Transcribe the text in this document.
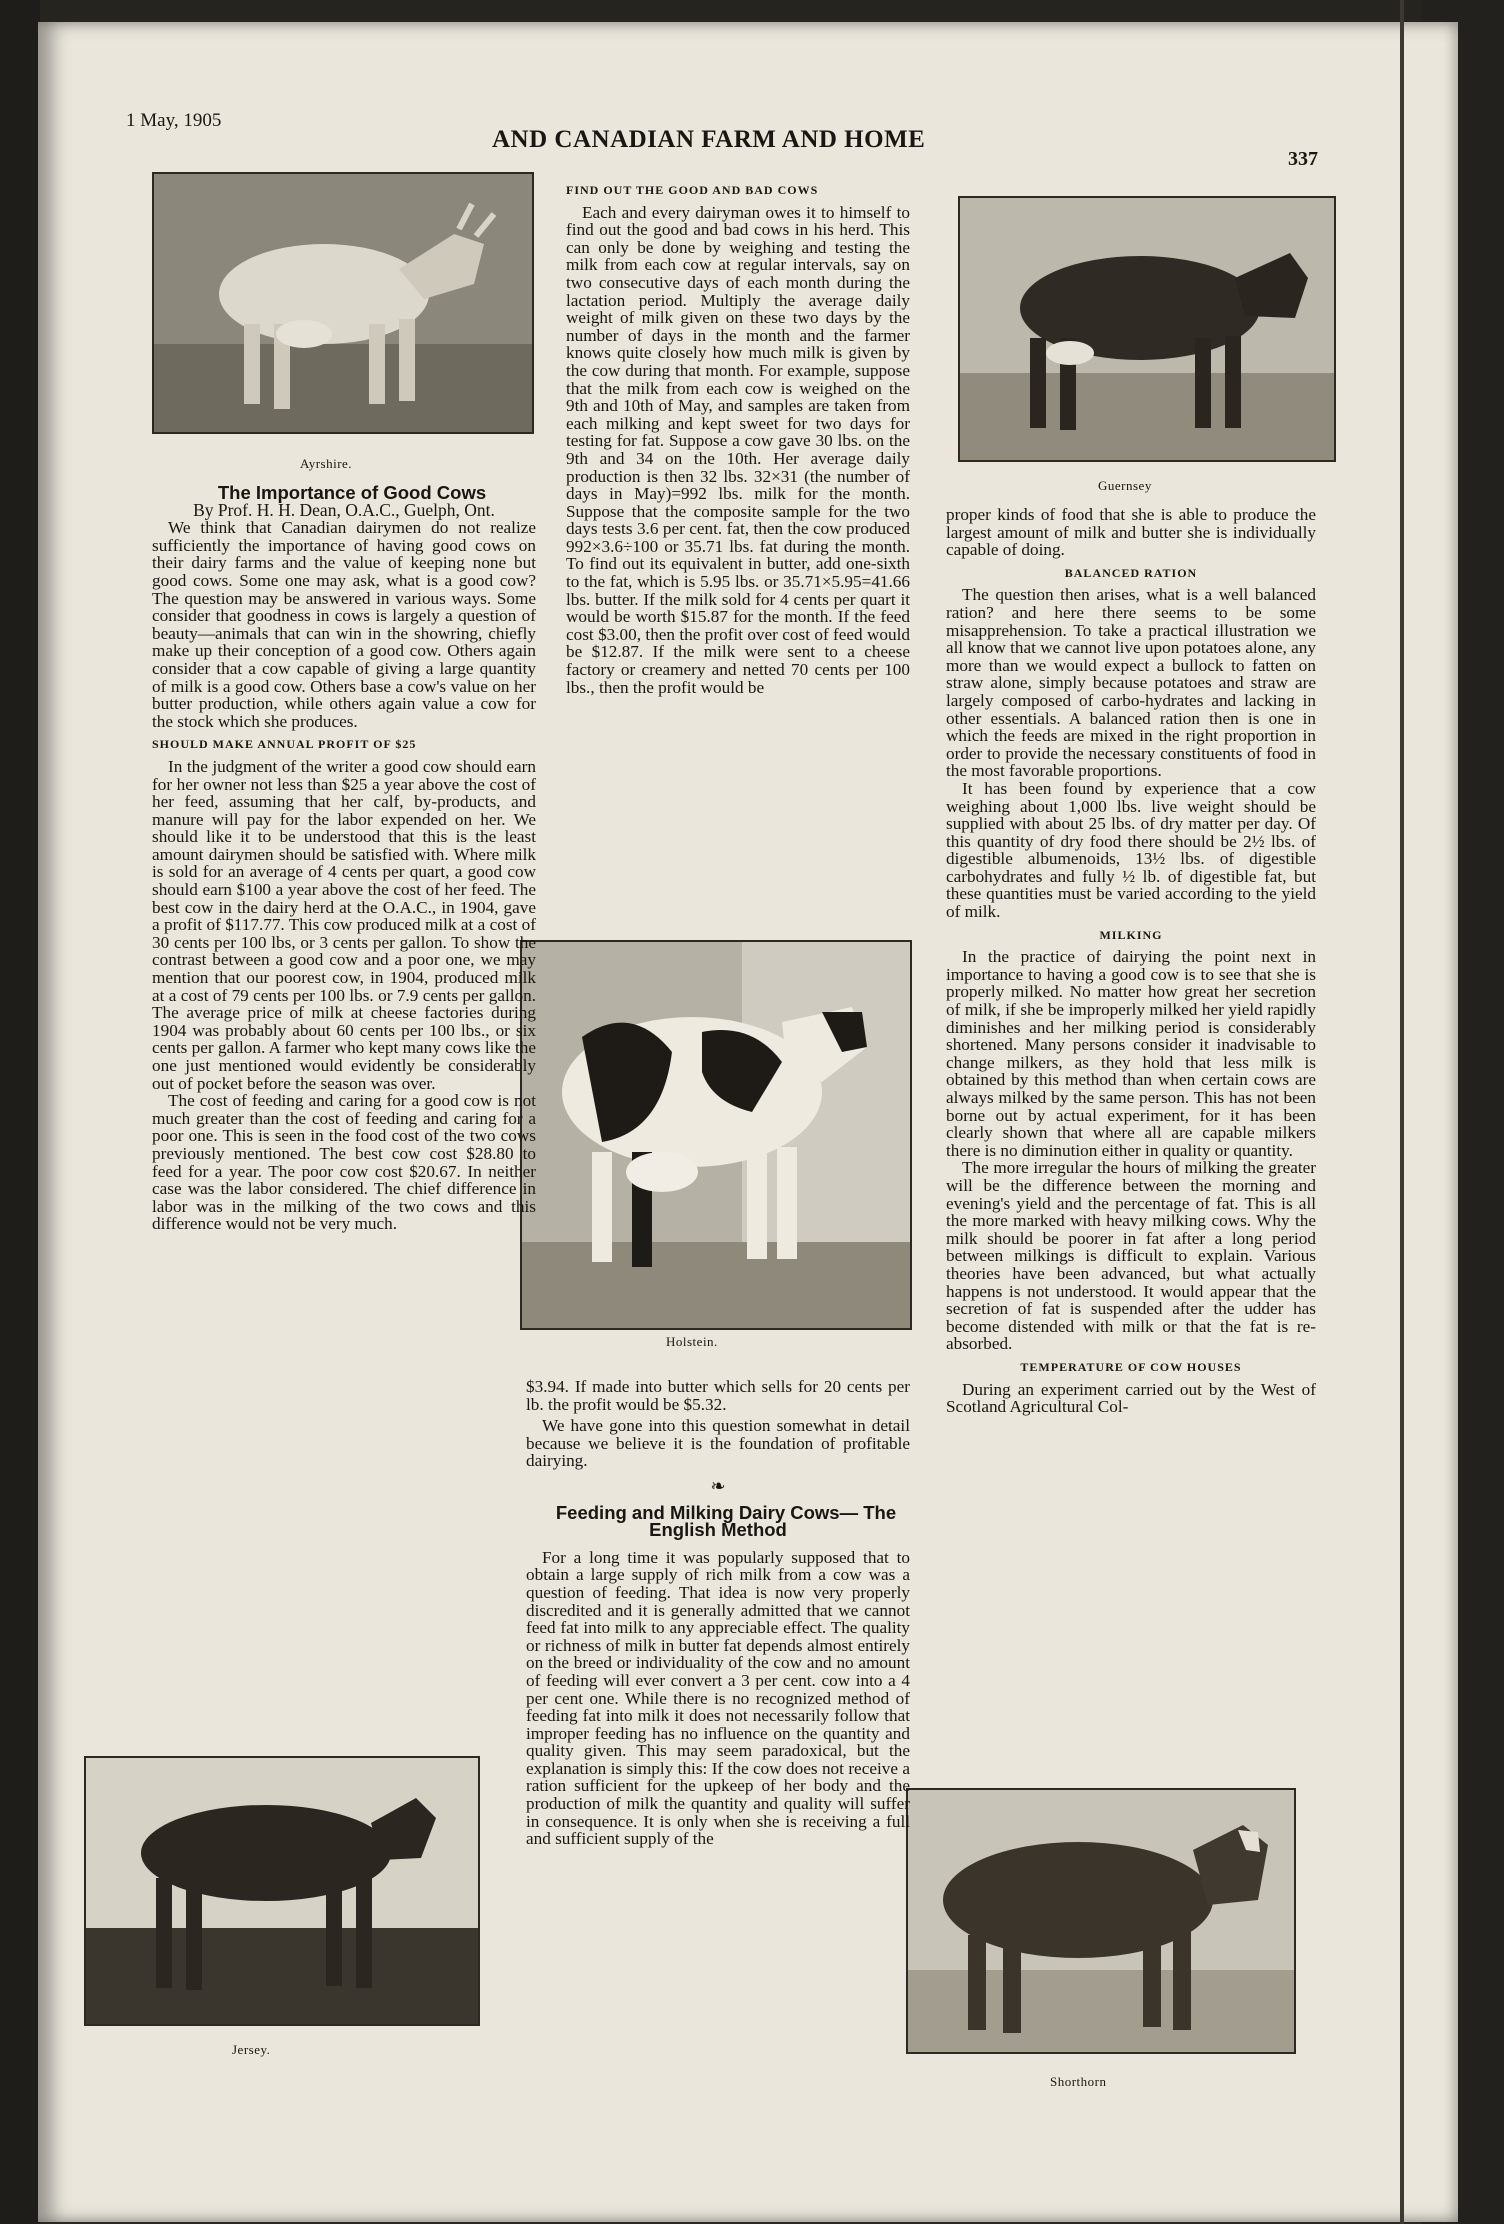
1 May, 1905
AND CANADIAN FARM AND HOME
337
Ayrshire.
Guernsey
Holstein.
Jersey.
Shorthorn

The Importance of Good Cows

By Prof. H. H. Dean, O.A.C., Guelph, Ont.

We think that Canadian dairymen do not realize sufficiently the importance of having good cows on their dairy farms and the value of keeping none but good cows. Some one may ask, what is a good cow? The question may be answered in various ways. Some consider that goodness in cows is largely a question of beauty—animals that can win in the showring, chiefly make up their conception of a good cow. Others again consider that a cow capable of giving a large quantity of milk is a good cow. Others base a cow's value on her butter production, while others again value a cow for the stock which she produces.

SHOULD MAKE ANNUAL PROFIT OF $25

In the judgment of the writer a good cow should earn for her owner not less than $25 a year above the cost of her feed, assuming that her calf, by-products, and manure will pay for the labor expended on her. We should like it to be understood that this is the least amount dairymen should be satisfied with. Where milk is sold for an average of 4 cents per quart, a good cow should earn $100 a year above the cost of her feed. The best cow in the dairy herd at the O.A.C., in 1904, gave a profit of $117.77. This cow produced milk at a cost of 30 cents per 100 lbs, or 3 cents per gallon. To show the contrast between a good cow and a poor one, we may mention that our poorest cow, in 1904, produced milk at a cost of 79 cents per 100 lbs. or 7.9 cents per gallon. The average price of milk at cheese factories during 1904 was probably about 60 cents per 100 lbs., or six cents per gallon. A farmer who kept many cows like the one just mentioned would evidently be considerably out of pocket before the season was over.

The cost of feeding and caring for a good cow is not much greater than the cost of feeding and caring for a poor one. This is seen in the food cost of the two cows previously mentioned. The best cow cost $28.80 to feed for a year. The poor cow cost $20.67. In neither case was the labor considered. The chief difference in labor was in the milking of the two cows and this difference would not be very much.

FIND OUT THE GOOD AND BAD COWS

Each and every dairyman owes it to himself to find out the good and bad cows in his herd. This can only be done by weighing and testing the milk from each cow at regular intervals, say on two consecutive days of each month during the lactation period. Multiply the average daily weight of milk given on these two days by the number of days in the month and the farmer knows quite closely how much milk is given by the cow during that month. For example, suppose that the milk from each cow is weighed on the 9th and 10th of May, and samples are taken from each milking and kept sweet for two days for testing for fat. Suppose a cow gave 30 lbs. on the 9th and 34 on the 10th. Her average daily production is then 32 lbs. 32×31 (the number of days in May)=992 lbs. milk for the month. Suppose that the composite sample for the two days tests 3.6 per cent. fat, then the cow produced 992×3.6÷100 or 35.71 lbs. fat during the month. To find out its equivalent in butter, add one-sixth to the fat, which is 5.95 lbs. or 35.71×5.95=41.66 lbs. butter. If the milk sold for 4 cents per quart it would be worth $15.87 for the month. If the feed cost $3.00, then the profit over cost of feed would be $12.87. If the milk were sent to a cheese factory or creamery and netted 70 cents per 100 lbs., then the profit would be

$3.94. If made into butter which sells for 20 cents per lb. the profit would be $5.32.

We have gone into this question somewhat in detail because we believe it is the foundation of profitable dairying.

❧

Feeding and Milking Dairy Cows— The English Method

For a long time it was popularly supposed that to obtain a large supply of rich milk from a cow was a question of feeding. That idea is now very properly discredited and it is generally admitted that we cannot feed fat into milk to any appreciable effect. The quality or richness of milk in butter fat depends almost entirely on the breed or individuality of the cow and no amount of feeding will ever convert a 3 per cent. cow into a 4 per cent one. While there is no recognized method of feeding fat into milk it does not necessarily follow that improper feeding has no influence on the quantity and quality given. This may seem paradoxical, but the explanation is simply this: If the cow does not receive a ration sufficient for the upkeep of her body and the production of milk the quantity and quality will suffer in consequence. It is only when she is receiving a full and sufficient supply of the

proper kinds of food that she is able to produce the largest amount of milk and butter she is individually capable of doing.

BALANCED RATION

The question then arises, what is a well balanced ration? and here there seems to be some misapprehension. To take a practical illustration we all know that we cannot live upon potatoes alone, any more than we would expect a bullock to fatten on straw alone, simply because potatoes and straw are largely composed of carbo-hydrates and lacking in other essentials. A balanced ration then is one in which the feeds are mixed in the right proportion in order to provide the necessary constituents of food in the most favorable proportions.

It has been found by experience that a cow weighing about 1,000 lbs. live weight should be supplied with about 25 lbs. of dry matter per day. Of this quantity of dry food there should be 2½ lbs. of digestible albumenoids, 13½ lbs. of digestible carbohydrates and fully ½ lb. of digestible fat, but these quantities must be varied according to the yield of milk.

MILKING

In the practice of dairying the point next in importance to having a good cow is to see that she is properly milked. No matter how great her secretion of milk, if she be improperly milked her yield rapidly diminishes and her milking period is considerably shortened. Many persons consider it inadvisable to change milkers, as they hold that less milk is obtained by this method than when certain cows are always milked by the same person. This has not been borne out by actual experiment, for it has been clearly shown that where all are capable milkers there is no diminution either in quality or quantity.

The more irregular the hours of milking the greater will be the difference between the morning and evening's yield and the percentage of fat. This is all the more marked with heavy milking cows. Why the milk should be poorer in fat after a long period between milkings is difficult to explain. Various theories have been advanced, but what actually happens is not understood. It would appear that the secretion of fat is suspended after the udder has become distended with milk or that the fat is re-absorbed.

TEMPERATURE OF COW HOUSES

During an experiment carried out by the West of Scotland Agricultural Col-
